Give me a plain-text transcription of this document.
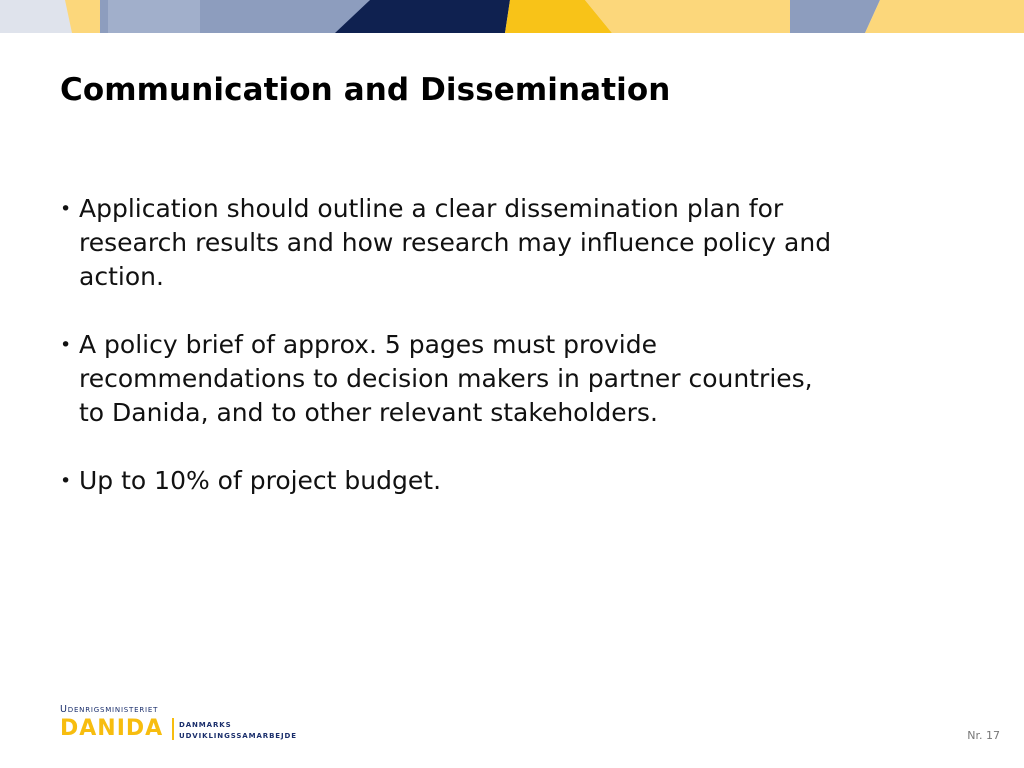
Communication and Dissemination
• Application should outline a clear dissemination plan for
research results and how research may influence policy and
action.
• A policy brief of approx. 5 pages must provide
recommendations to decision makers in partner countries,
to Danida, and to other relevant stakeholders.
• Up to 10% of project budget.
Udenrigsministeriet
DANIDA DANMARKS
UDVIKLINGSSAMARBEJDE	Nr. 17
